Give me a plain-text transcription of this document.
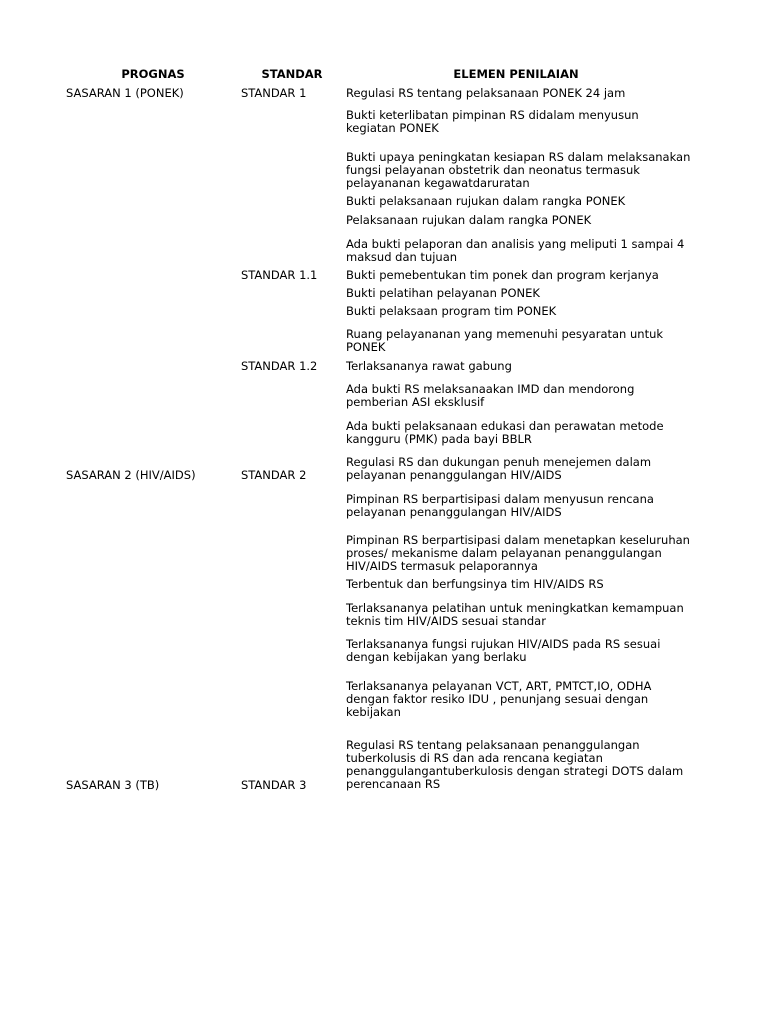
PROGNAS	STANDAR	ELEMEN PENILAIAN
SASARAN 1 (PONEK)
SASARAN 2 (HIV/AIDS)
SASARAN 3 (TB)
STANDAR 1
STANDAR 1.1
STANDAR 1.2
STANDAR 2
STANDAR 3
Regulasi RS tentang pelaksanaan PONEK 24 jam
Bukti keterlibatan pimpinan RS didalam menyusun kegiatan PONEK
Bukti upaya peningkatan kesiapan RS dalam melaksanakan fungsi pelayanan obstetrik dan neonatus termasuk pelayananan kegawatdaruratan
Bukti pelaksanaan rujukan dalam rangka PONEK
Pelaksanaan rujukan dalam rangka PONEK
Ada bukti pelaporan dan analisis yang meliputi 1 sampai 4 maksud dan tujuan
Bukti pemebentukan tim ponek dan program kerjanya
Bukti pelatihan pelayanan PONEK
Bukti pelaksaan program tim PONEK
Ruang pelayananan yang memenuhi pesyaratan untuk PONEK
Terlaksananya rawat gabung
Ada bukti RS melaksanaakan IMD dan mendorong pemberian ASI eksklusif
Ada bukti pelaksanaan edukasi dan perawatan metode kangguru (PMK) pada bayi BBLR
Regulasi RS dan dukungan penuh menejemen dalam pelayanan penanggulangan HIV/AIDS
Pimpinan RS berpartisipasi dalam menyusun rencana pelayanan penanggulangan HIV/AIDS
Pimpinan RS berpartisipasi dalam menetapkan keseluruhan proses/ mekanisme dalam pelayanan penanggulangan HIV/AIDS termasuk pelaporannya
Terbentuk dan berfungsinya tim HIV/AIDS RS
Terlaksananya pelatihan untuk meningkatkan kemampuan teknis tim HIV/AIDS sesuai standar
Terlaksananya fungsi rujukan HIV/AIDS pada RS sesuai dengan kebijakan yang berlaku
Terlaksananya pelayanan VCT, ART, PMTCT,IO, ODHA dengan faktor resiko IDU , penunjang sesuai dengan kebijakan
Regulasi RS tentang pelaksanaan penanggulangan tuberkolusis di RS dan ada rencana kegiatan penanggulangantuberkulosis dengan strategi DOTS dalam perencanaan RS
